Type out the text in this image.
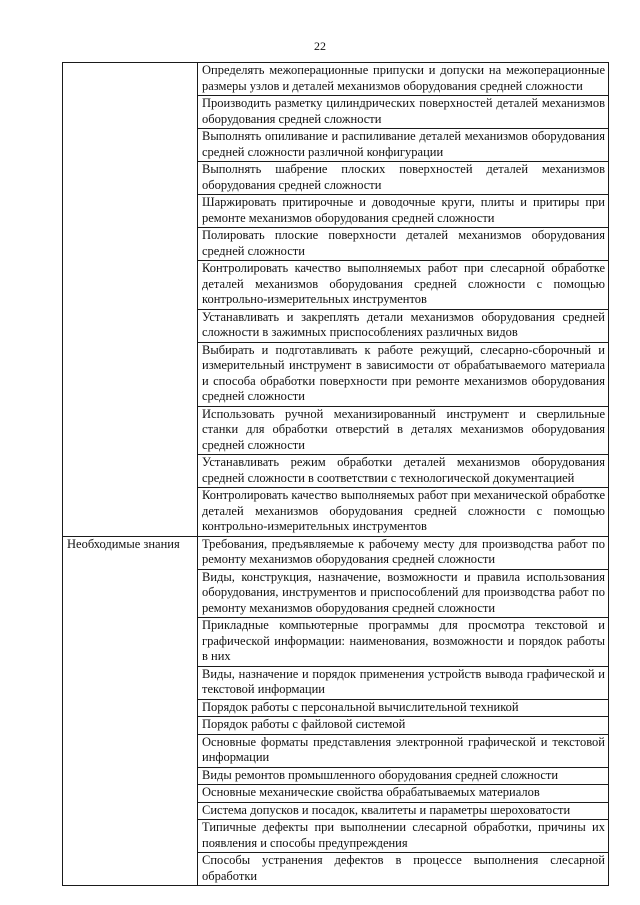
22
	Определять межоперационные припуски и допуски на межоперационные размеры узлов и деталей механизмов оборудования средней сложности
	Производить разметку цилиндрических поверхностей деталей механизмов оборудования средней сложности
	Выполнять опиливание и распиливание деталей механизмов оборудования средней сложности различной конфигурации
	Выполнять шабрение плоских поверхностей деталей механизмов оборудования средней сложности
	Шаржировать притирочные и доводочные круги, плиты и притиры при ремонте механизмов оборудования средней сложности
	Полировать плоские поверхности деталей механизмов оборудования средней сложности
	Контролировать качество выполняемых работ при слесарной обработке деталей механизмов оборудования средней сложности с помощью контрольно-измерительных инструментов
	Устанавливать и закреплять детали механизмов оборудования средней сложности в зажимных приспособлениях различных видов
	Выбирать и подготавливать к работе режущий, слесарно-сборочный и измерительный инструмент в зависимости от обрабатываемого материала и способа обработки поверхности при ремонте механизмов оборудования средней сложности
	Использовать ручной механизированный инструмент и сверлильные станки для обработки отверстий в деталях механизмов оборудования средней сложности
	Устанавливать режим обработки деталей механизмов оборудования средней сложности в соответствии с технологической документацией
	Контролировать качество выполняемых работ при механической обработке деталей механизмов оборудования средней сложности с помощью контрольно-измерительных инструментов
Необходимые знания	Требования, предъявляемые к рабочему месту для производства работ по ремонту механизмов оборудования средней сложности
	Виды, конструкция, назначение, возможности и правила использования оборудования, инструментов и приспособлений для производства работ по ремонту механизмов оборудования средней сложности
	Прикладные компьютерные программы для просмотра текстовой и графической информации: наименования, возможности и порядок работы в них
	Виды, назначение и порядок применения устройств вывода графической и текстовой информации
	Порядок работы с персональной вычислительной техникой
	Порядок работы с файловой системой
	Основные форматы представления электронной графической и текстовой информации
	Виды ремонтов промышленного оборудования средней сложности
	Основные механические свойства обрабатываемых материалов
	Система допусков и посадок, квалитеты и параметры шероховатости
	Типичные дефекты при выполнении слесарной обработки, причины их появления и способы предупреждения
	Способы устранения дефектов в процессе выполнения слесарной обработки
